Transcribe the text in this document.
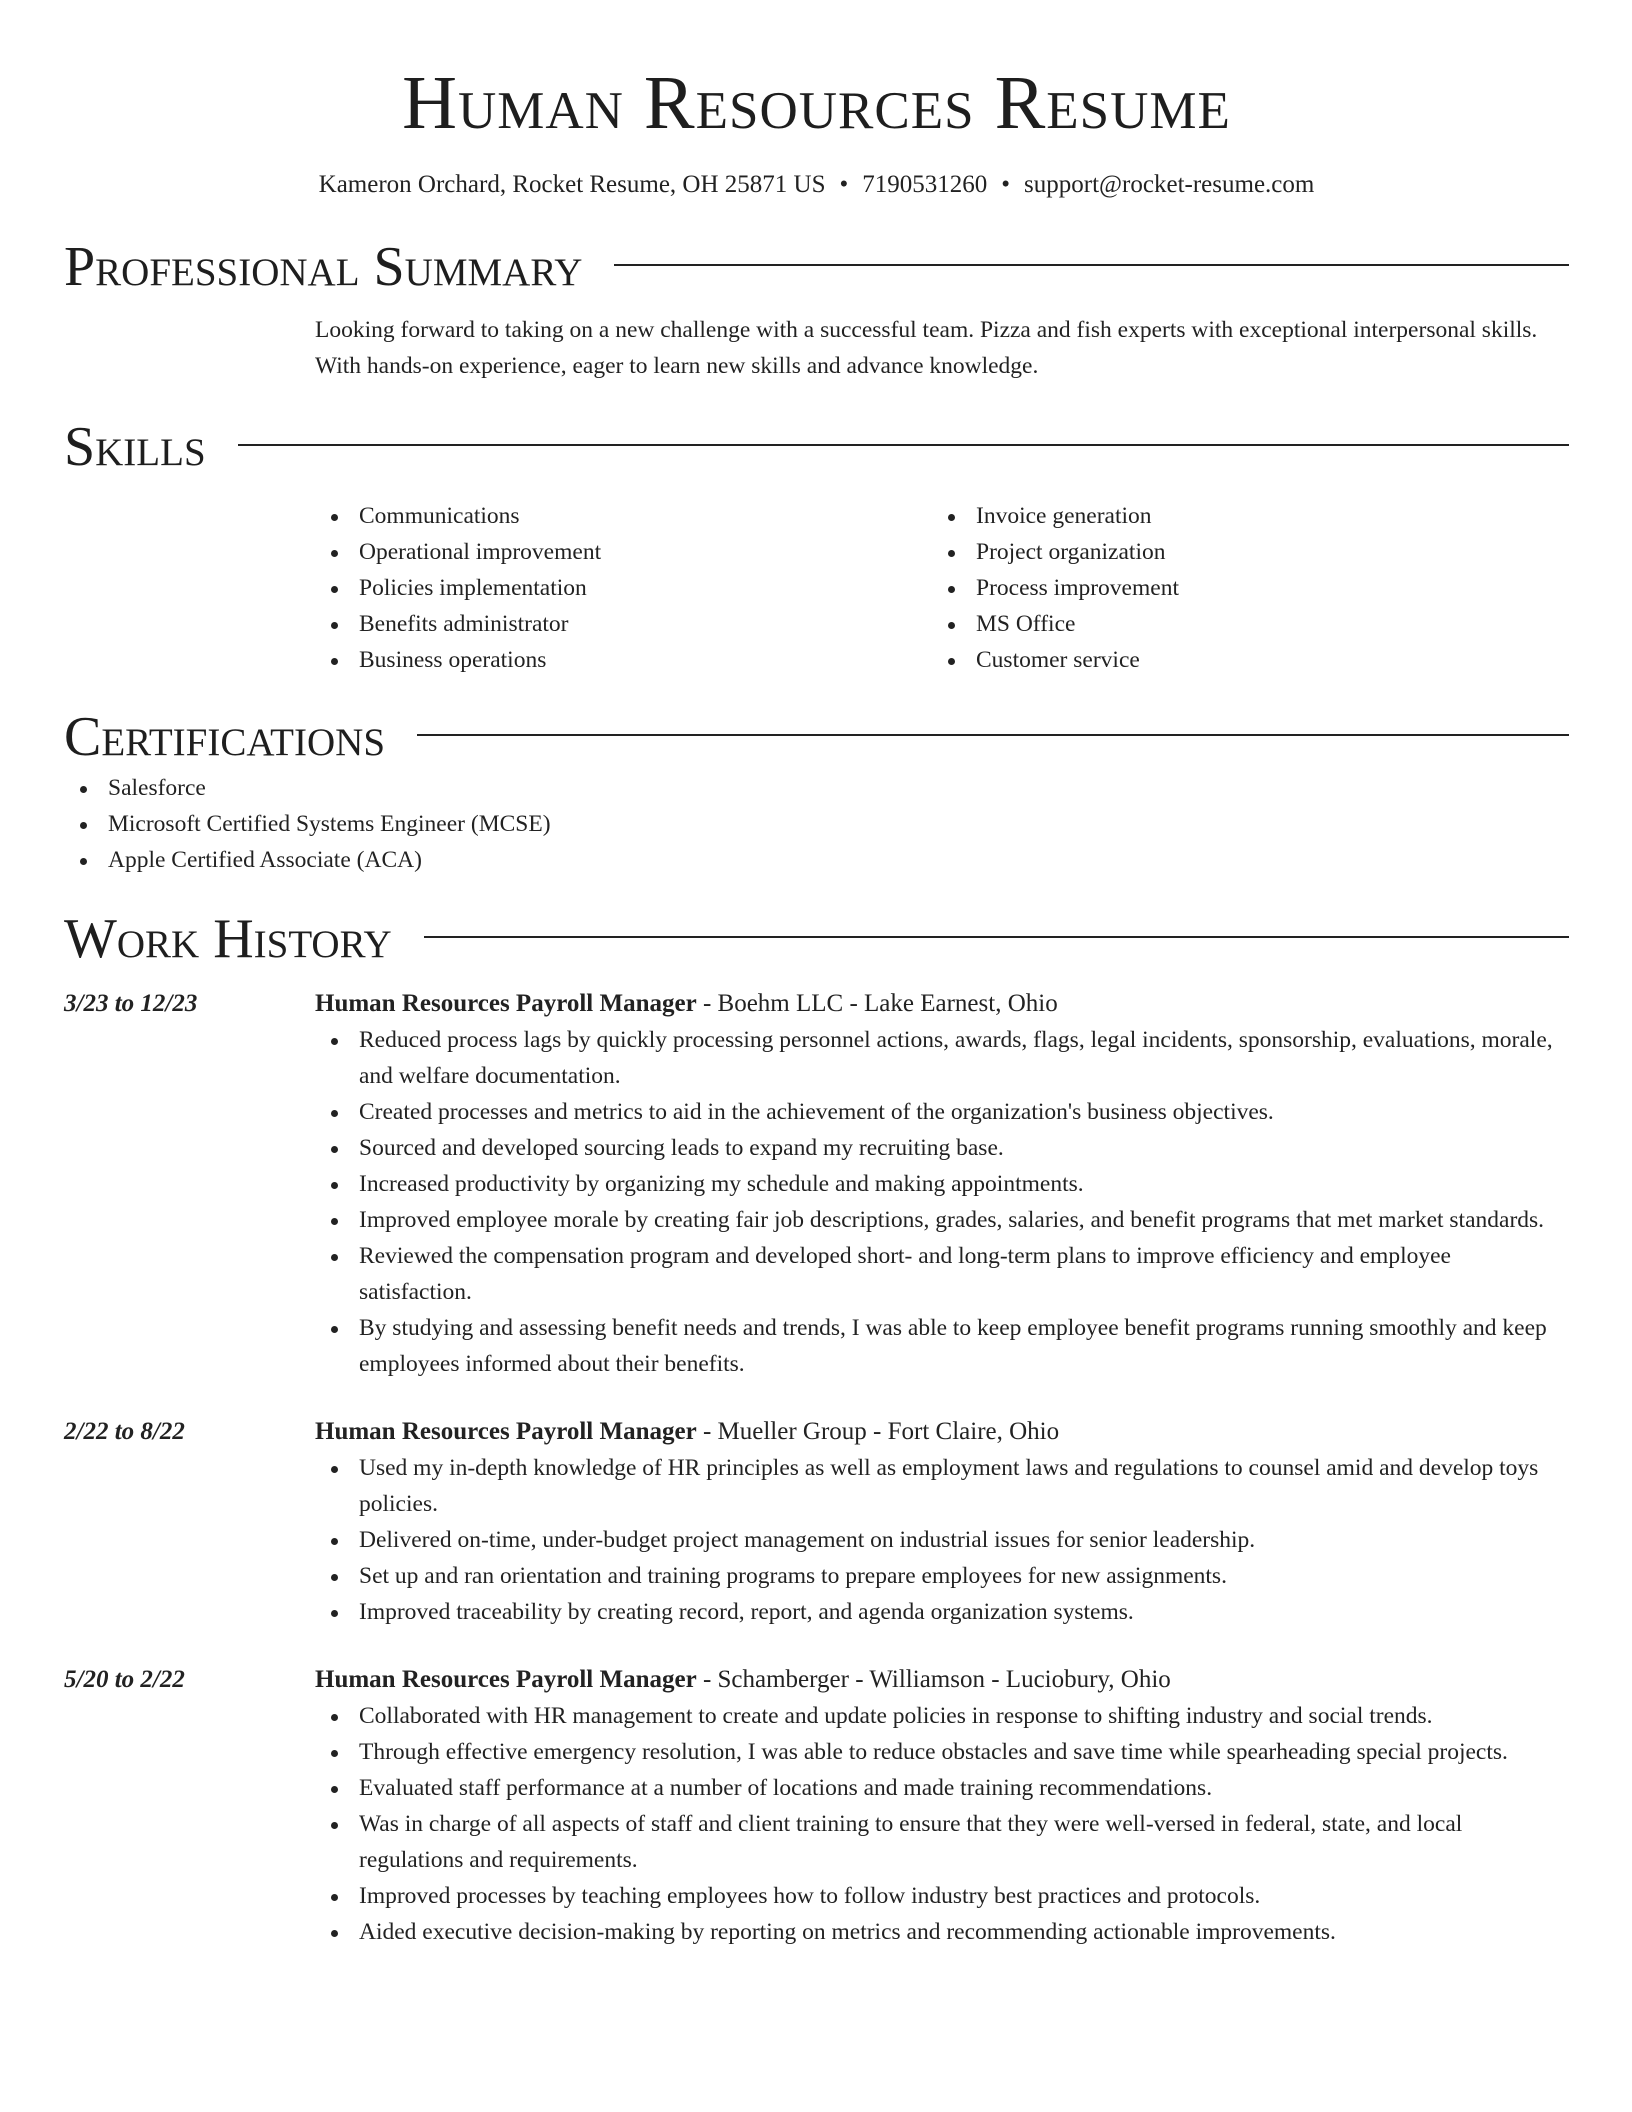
Human Resources Resume
Kameron Orchard, Rocket Resume, OH 25871 US • 7190531260 • support@rocket-resume.com
Professional Summary

Looking forward to taking on a new challenge with a successful team. Pizza and fish experts with exceptional interpersonal skills. With hands-on experience, eager to learn new skills and advance knowledge.

Skills
Communications
Operational improvement
Policies implementation
Benefits administrator
Business operations
Invoice generation
Project organization
Process improvement
MS Office
Customer service
Certifications
Salesforce
Microsoft Certified Systems Engineer (MCSE)
Apple Certified Associate (ACA)
Work History
3/23 to 12/23	Human Resources Payroll Manager - Boehm LLC - Lake Earnest, Ohio
Reduced process lags by quickly processing personnel actions, awards, flags, legal incidents, sponsorship, evaluations, morale, and welfare documentation.
Created processes and metrics to aid in the achievement of the organization's business objectives.
Sourced and developed sourcing leads to expand my recruiting base.
Increased productivity by organizing my schedule and making appointments.
Improved employee morale by creating fair job descriptions, grades, salaries, and benefit programs that met market standards.
Reviewed the compensation program and developed short- and long-term plans to improve efficiency and employee satisfaction.
By studying and assessing benefit needs and trends, I was able to keep employee benefit programs running smoothly and keep employees informed about their benefits.
2/22 to 8/22	Human Resources Payroll Manager - Mueller Group - Fort Claire, Ohio
Used my in-depth knowledge of HR principles as well as employment laws and regulations to counsel amid and develop toys policies.
Delivered on-time, under-budget project management on industrial issues for senior leadership.
Set up and ran orientation and training programs to prepare employees for new assignments.
Improved traceability by creating record, report, and agenda organization systems.
5/20 to 2/22	Human Resources Payroll Manager - Schamberger - Williamson - Luciobury, Ohio
Collaborated with HR management to create and update policies in response to shifting industry and social trends.
Through effective emergency resolution, I was able to reduce obstacles and save time while spearheading special projects.
Evaluated staff performance at a number of locations and made training recommendations.
Was in charge of all aspects of staff and client training to ensure that they were well-versed in federal, state, and local regulations and requirements.
Improved processes by teaching employees how to follow industry best practices and protocols.
Aided executive decision-making by reporting on metrics and recommending actionable improvements.
